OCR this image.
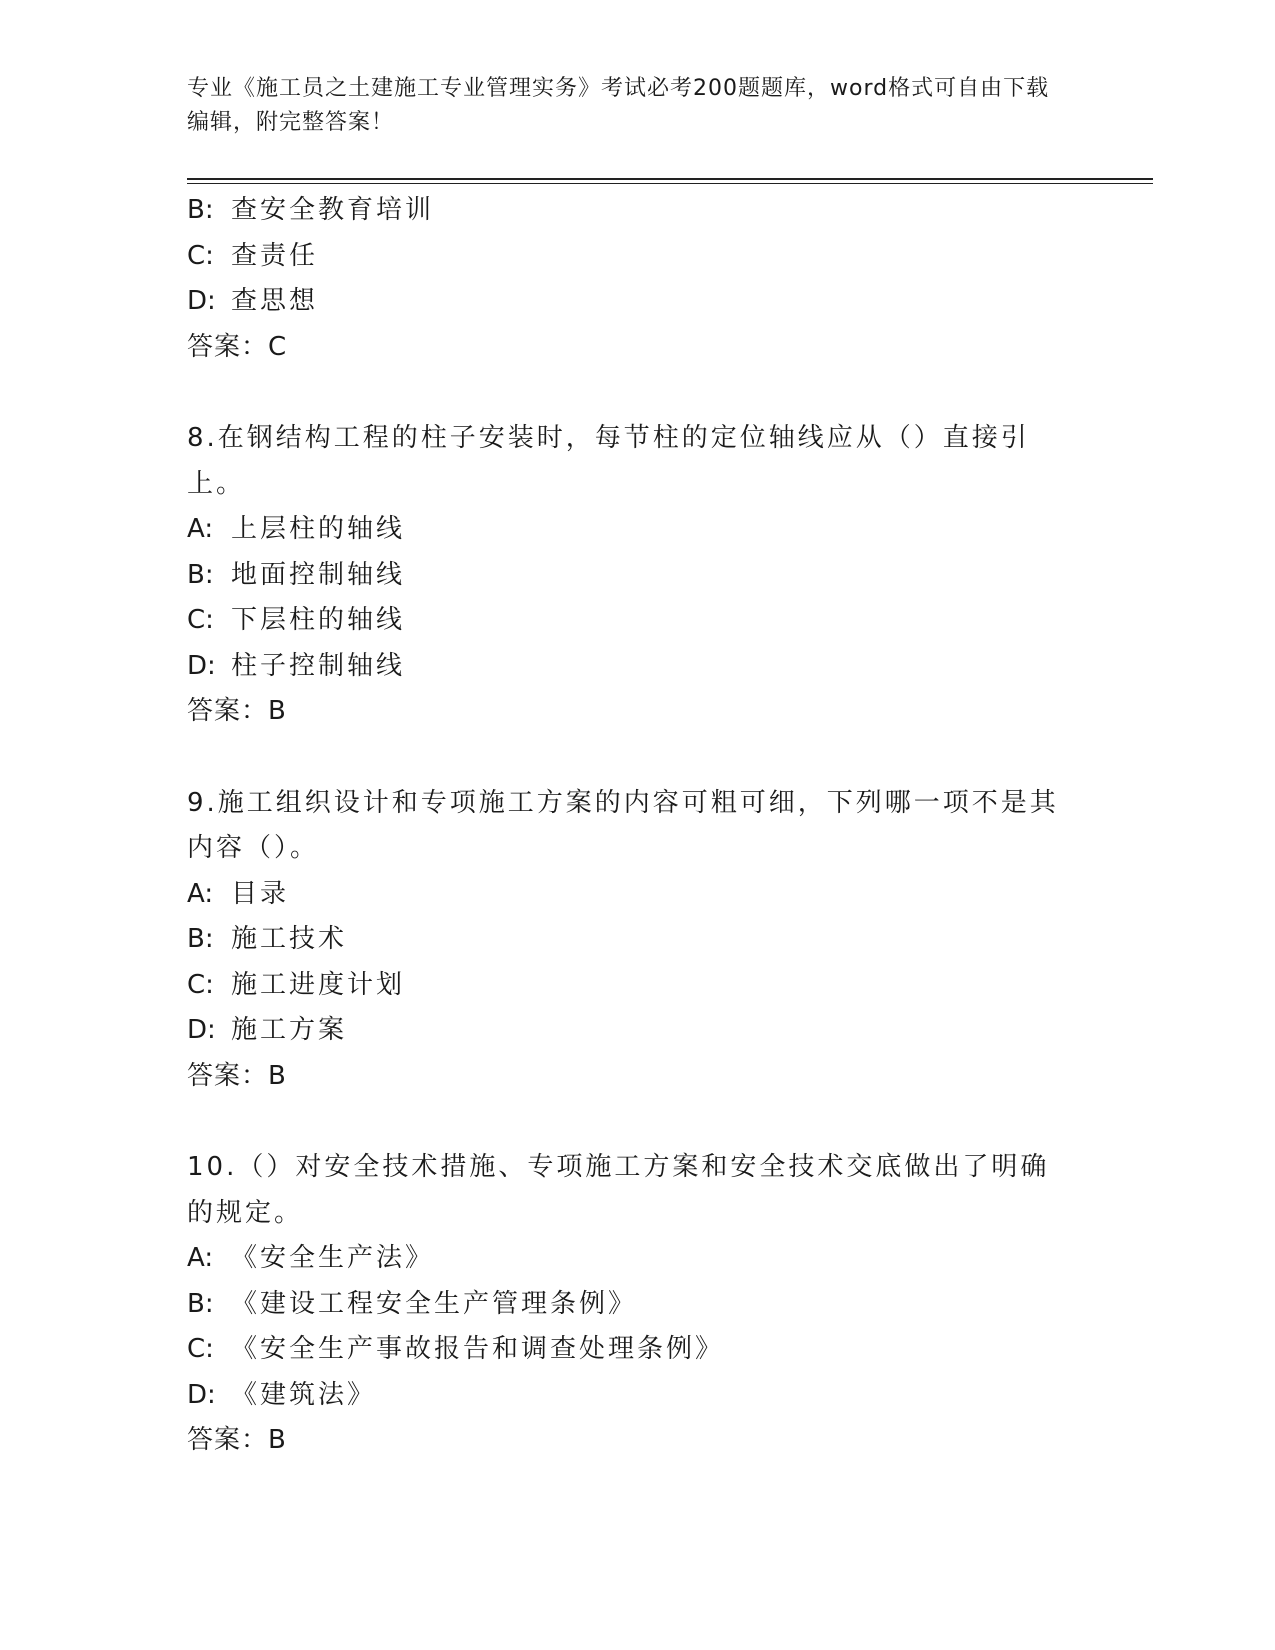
专业《施工员之土建施工专业管理实务》考试必考200题题库，word格式可自由下载编辑，附完整答案！
B: 查安全教育培训
C: 查责任
D: 查思想
答案：C
8.在钢结构工程的柱子安装时，每节柱的定位轴线应从（）直接引上。
A: 上层柱的轴线
B: 地面控制轴线
C: 下层柱的轴线
D: 柱子控制轴线
答案：B
9.施工组织设计和专项施工方案的内容可粗可细，下列哪一项不是其内容（）。
A: 目录
B: 施工技术
C: 施工进度计划
D: 施工方案
答案：B
10.（）对安全技术措施、专项施工方案和安全技术交底做出了明确的规定。
A: 《安全生产法》
B: 《建设工程安全生产管理条例》
C: 《安全生产事故报告和调查处理条例》
D: 《建筑法》
答案：B
